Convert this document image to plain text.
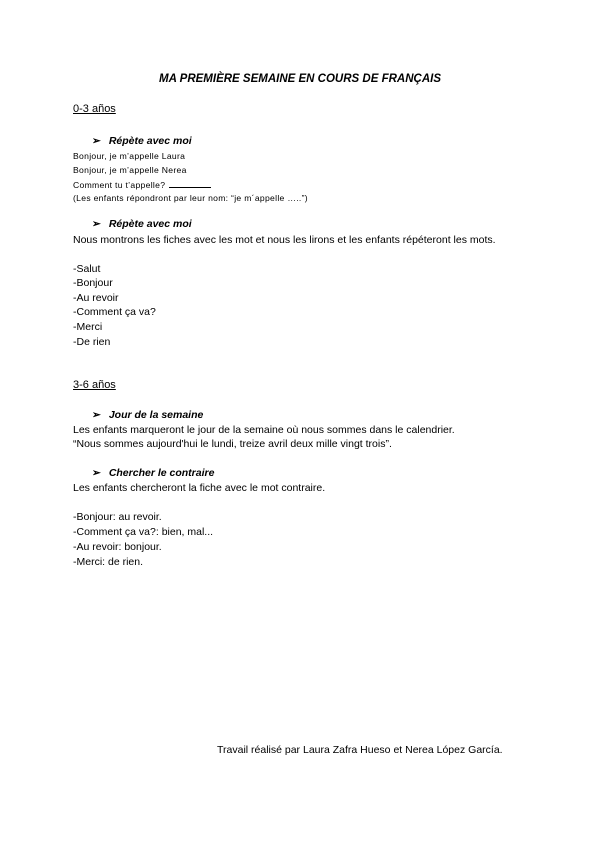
MA PREMIÈRE SEMAINE EN COURS DE FRANÇAIS
0-3 años
➢ Répète avec moi
Bonjour, je m’appelle Laura
Bonjour, je m’appelle Nerea
Comment tu t’appelle?
(Les enfants répondront par leur nom: “je m´appelle …..”)
➢ Répète avec moi
Nous montrons les fiches avec les mot et nous les lirons et les enfants répéteront les mots.
-Salut
-Bonjour
-Au revoir
-Comment ça va?
-Merci
-De rien
3-6 años
➢ Jour de la semaine
Les enfants marqueront le jour de la semaine où nous sommes dans le calendrier.
“Nous sommes aujourd'hui le lundi, treize avril deux mille vingt trois”.
➢ Chercher le contraire
Les enfants chercheront la fiche avec le mot contraire.
-Bonjour: au revoir.
-Comment ça va?: bien, mal...
-Au revoir: bonjour.
-Merci: de rien.
Travail réalisé par Laura Zafra Hueso et Nerea López García.
